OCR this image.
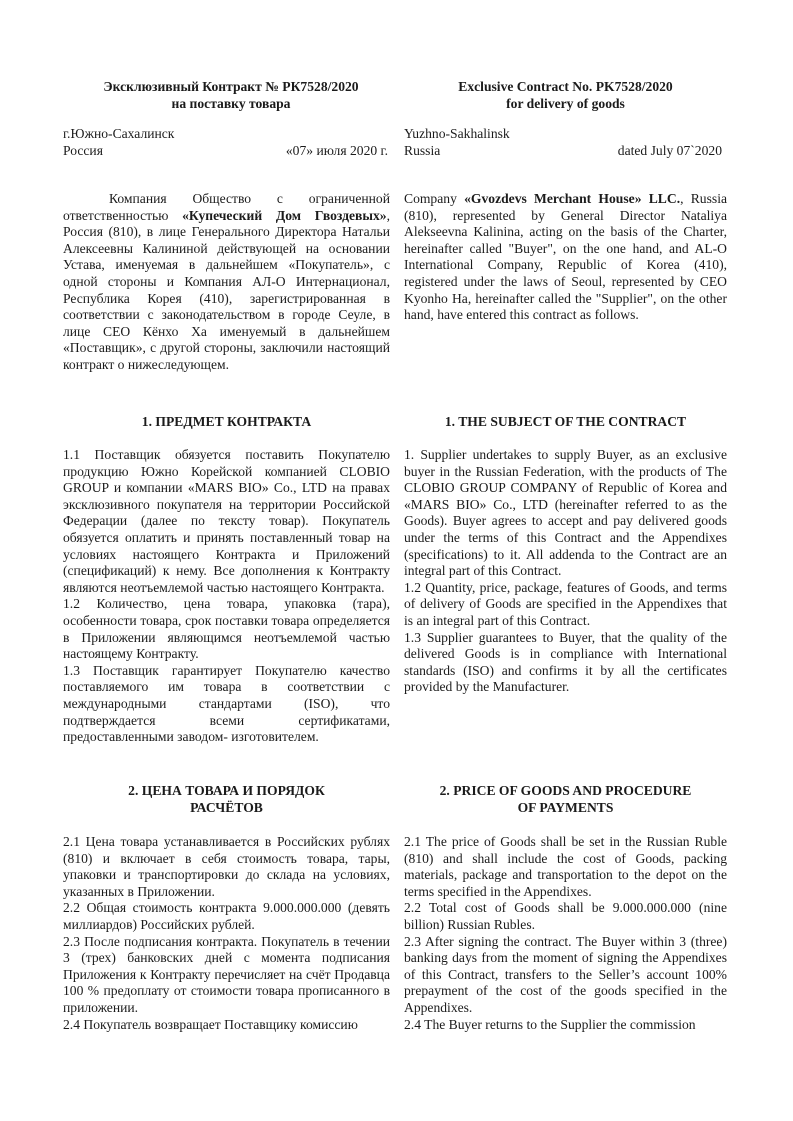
Эксклюзивный Контракт № РК7528/2020
на поставку товара
г.Южно-Сахалинск
Россия	«07» июля 2020 г.

Компания Общество с ограниченной ответственностью «Купеческий Дом Гвоздевых», Россия (810), в лице Генерального Директора Натальи Алексеевны Калининой действующей на основании Устава, именуемая в дальнейшем «Покупатель», с одной стороны и Компания АЛ-О Интернационал, Республика Корея (410), зарегистрированная в соответствии с законодательством в городе Сеуле, в лице СЕО Кёнхо Ха именуемый в дальнейшем «Поставщик», с другой стороны, заключили настоящий контракт о нижеследующем.

1. ПРЕДМЕТ КОНТРАКТА

1.1 Поставщик обязуется поставить Покупателю продукцию Южно Корейской компанией CLOBIO GROUP и компании «MARS BIO» Co., LTD на правах эксклюзивного покупателя на территории Российской Федерации (далее по тексту товар). Покупатель обязуется оплатить и принять поставленный товар на условиях настоящего Контракта и Приложений (спецификаций) к нему. Все дополнения к Контракту являются неотъемлемой частью настоящего Контракта.

1.2 Количество, цена товара, упаковка (тара), особенности товара, срок поставки товара определяется в Приложении являющимся неотъемлемой частью настоящему Контракту.

1.3 Поставщик гарантирует Покупателю качество поставляемого им товара в соответствии с международными стандартами (ISO), что подтверждается всеми сертификатами, предоставленными заводом- изготовителем.

2. ЦЕНА ТОВАРА И ПОРЯДОК
РАСЧЁТОВ

2.1 Цена товара устанавливается в Российских рублях (810) и включает в себя стоимость товара, тары, упаковки и транспортировки до склада на условиях, указанных в Приложении.

2.2 Общая стоимость контракта 9.000.000.000 (девять миллиардов) Российских рублей.

2.3 После подписания контракта. Покупатель в течении 3 (трех) банковских дней с момента подписания Приложения к Контракту перечисляет на счёт Продавца 100 % предоплату от стоимости товара прописанного в приложении.

2.4 Покупатель возвращает Поставщику комиссию

Exclusive Contract No. PK7528/2020
for delivery of goods
Yuzhno-Sakhalinsk
Russia	dated July 07`2020

Company «Gvozdevs Merchant House» LLC., Russia (810), represented by General Director Nataliya Alekseevna Kalinina, acting on the basis of the Charter, hereinafter called "Buyer", on the one hand, and AL-O International Company, Republic of Korea (410), registered under the laws of Seoul, represented by CEO Kyonho Ha, hereinafter called the "Supplier", on the other hand, have entered this contract as follows.

1. THE SUBJECT OF THE CONTRACT

1. Supplier undertakes to supply Buyer, as an exclusive buyer in the Russian Federation, with the products of The CLOBIO GROUP COMPANY of Republic of Korea and «MARS BIO» Co., LTD (hereinafter referred to as the Goods). Buyer agrees to accept and pay delivered goods under the terms of this Contract and the Appendixes (specifications) to it. All addenda to the Contract are an integral part of this Contract.

1.2 Quantity, price, package, features of Goods, and terms of delivery of Goods are specified in the Appendixes that is an integral part of this Contract.

1.3 Supplier guarantees to Buyer, that the quality of the delivered Goods is in compliance with International standards (ISO) and confirms it by all the certificates provided by the Manufacturer.

2. PRICE OF GOODS AND PROCEDURE
OF PAYMENTS

2.1 The price of Goods shall be set in the Russian Ruble (810) and shall include the cost of Goods, packing materials, package and transportation to the depot on the terms specified in the Appendixes.

2.2 Total cost of Goods shall be 9.000.000.000 (nine billion) Russian Rubles.

2.3 After signing the contract. The Buyer within 3 (three) banking days from the moment of signing the Appendixes of this Contract, transfers to the Seller’s account 100% prepayment of the cost of the goods specified in the Appendixes.

2.4 The Buyer returns to the Supplier the commission
